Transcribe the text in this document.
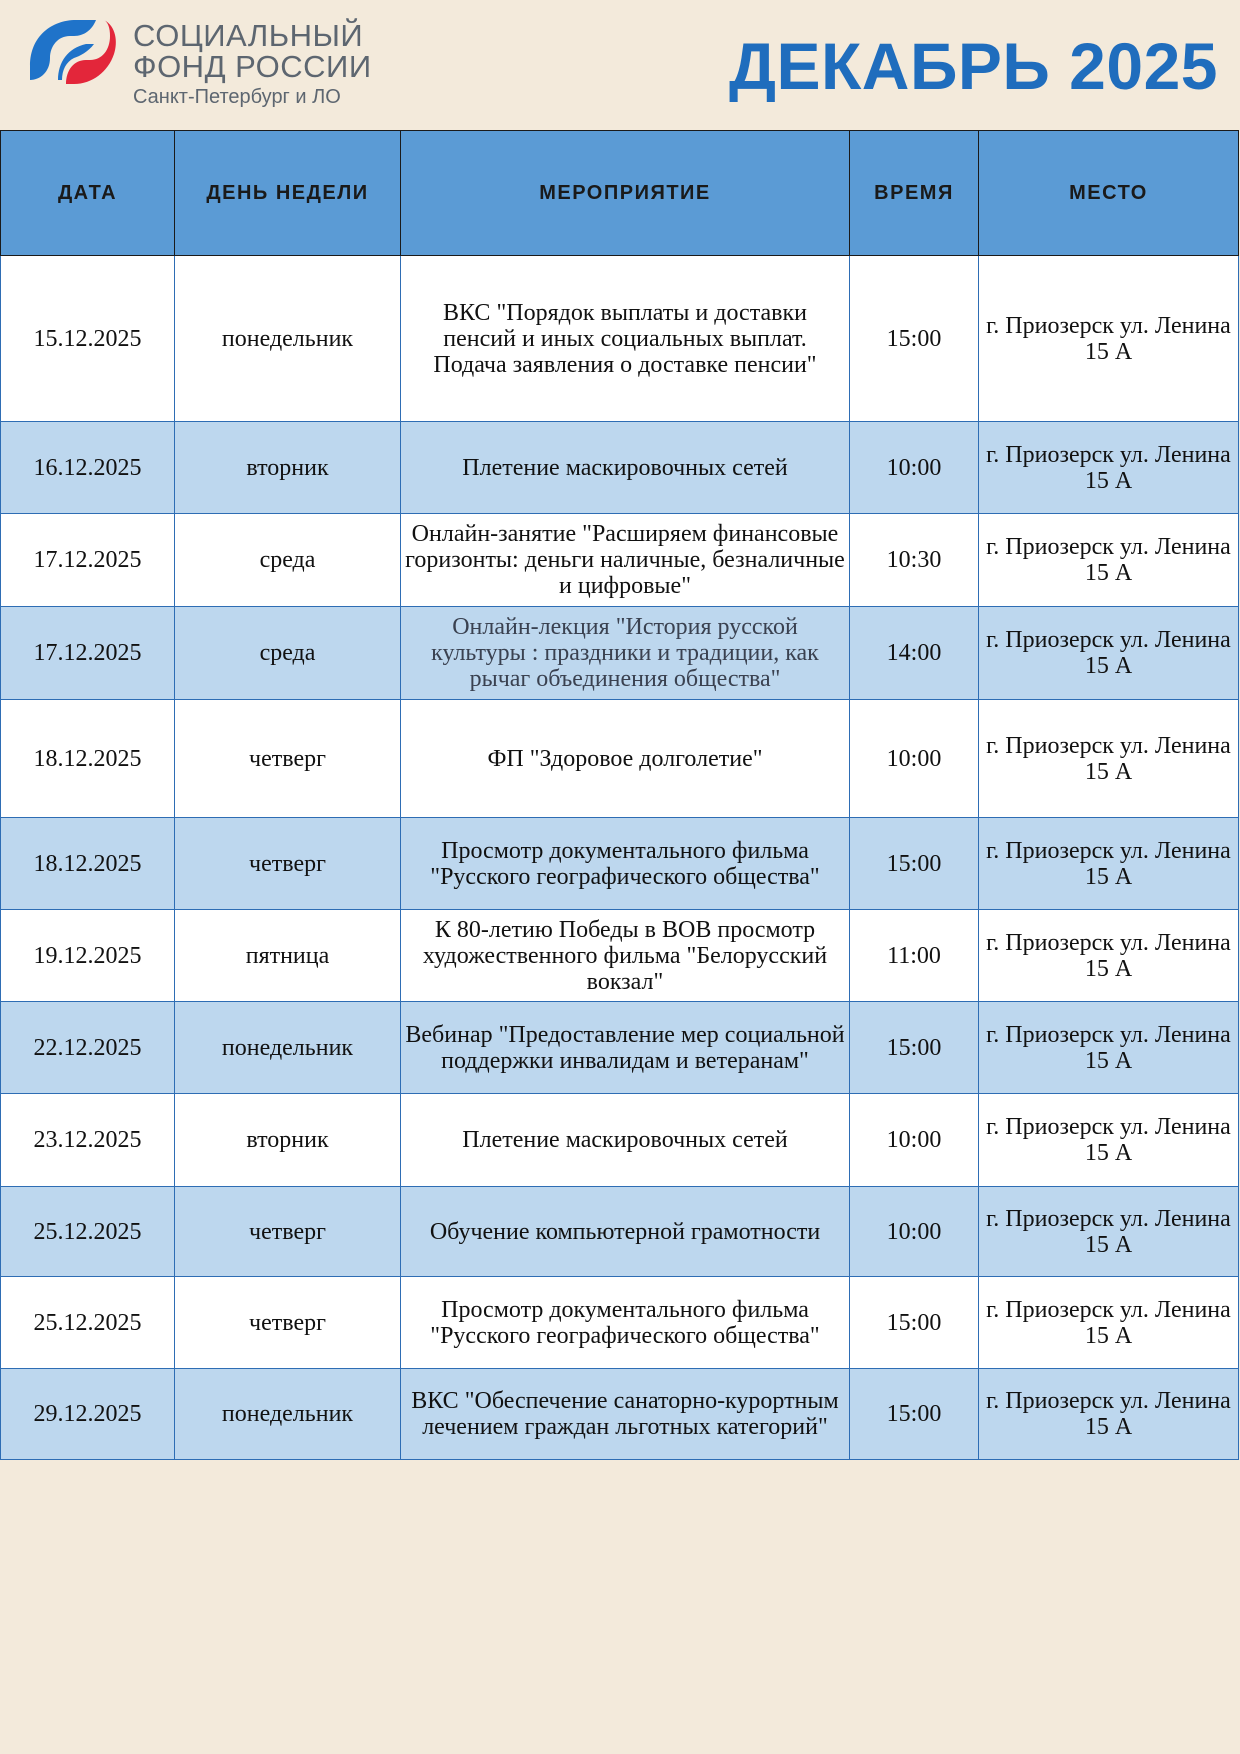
СОЦИАЛЬНЫЙ
ФОНД РОССИИ
Санкт-Петербург и ЛО	ДЕКАБРЬ 2025
ДАТА	ДЕНЬ НЕДЕЛИ	МЕРОПРИЯТИЕ	ВРЕМЯ	МЕСТО
15.12.2025	понедельник	ВКС "Порядок выплаты и доставки пенсий и иных социальных выплат. Подача заявления о доставке пенсии"	15:00	г. Приозерск ул. Ленина 15 А
16.12.2025	вторник	Плетение маскировочных сетей	10:00	г. Приозерск ул. Ленина 15 А
17.12.2025	среда	Онлайн-занятие "Расширяем финансовые горизонты: деньги наличные, безналичные и цифровые"	10:30	г. Приозерск ул. Ленина 15 А
17.12.2025	среда	Онлайн-лекция "История русской культуры : праздники и традиции, как рычаг объединения общества"	14:00	г. Приозерск ул. Ленина 15 А
18.12.2025	четверг	ФП "Здоровое долголетие"	10:00	г. Приозерск ул. Ленина 15 А
18.12.2025	четверг	Просмотр документального фильма "Русского географического общества"	15:00	г. Приозерск ул. Ленина 15 А
19.12.2025	пятница	К 80-летию Победы в ВОВ просмотр художественного фильма "Белорусский вокзал"	11:00	г. Приозерск ул. Ленина 15 А
22.12.2025	понедельник	Вебинар "Предоставление мер социальной поддержки инвалидам и ветеранам"	15:00	г. Приозерск ул. Ленина 15 А
23.12.2025	вторник	Плетение маскировочных сетей	10:00	г. Приозерск ул. Ленина 15 А
25.12.2025	четверг	Обучение компьютерной грамотности	10:00	г. Приозерск ул. Ленина 15 А
25.12.2025	четверг	Просмотр документального фильма "Русского географического общества"	15:00	г. Приозерск ул. Ленина 15 А
29.12.2025	понедельник	ВКС "Обеспечение санаторно-курортным лечением граждан льготных категорий"	15:00	г. Приозерск ул. Ленина 15 А
